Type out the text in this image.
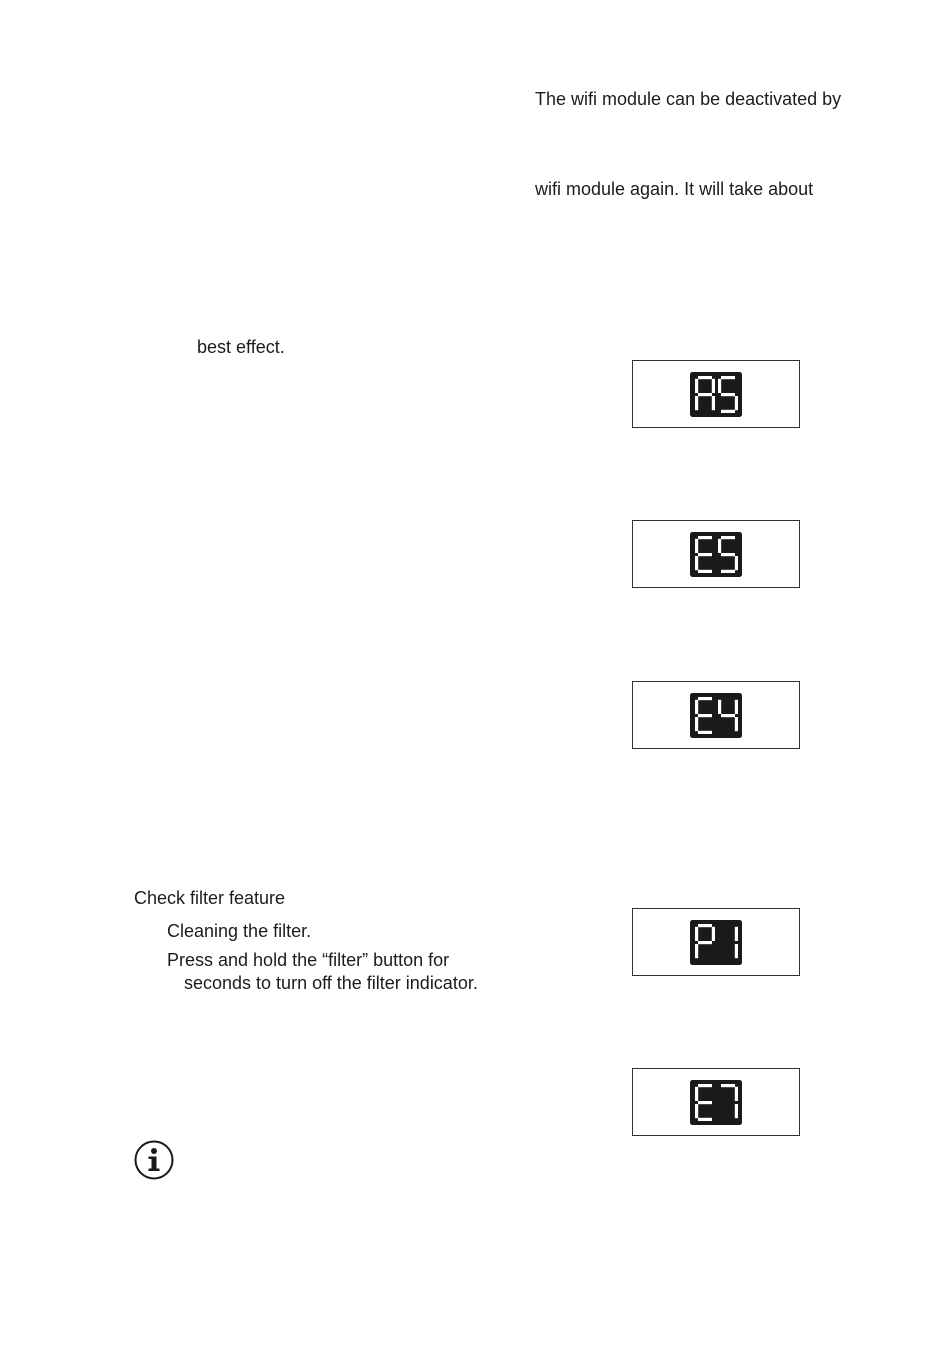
The wifi module can be deactivated by
wifi module again. It will take about
best effect.
Check filter feature
Cleaning the filter.
Press and hold the “filter” button for
seconds to turn off the filter indicator.
